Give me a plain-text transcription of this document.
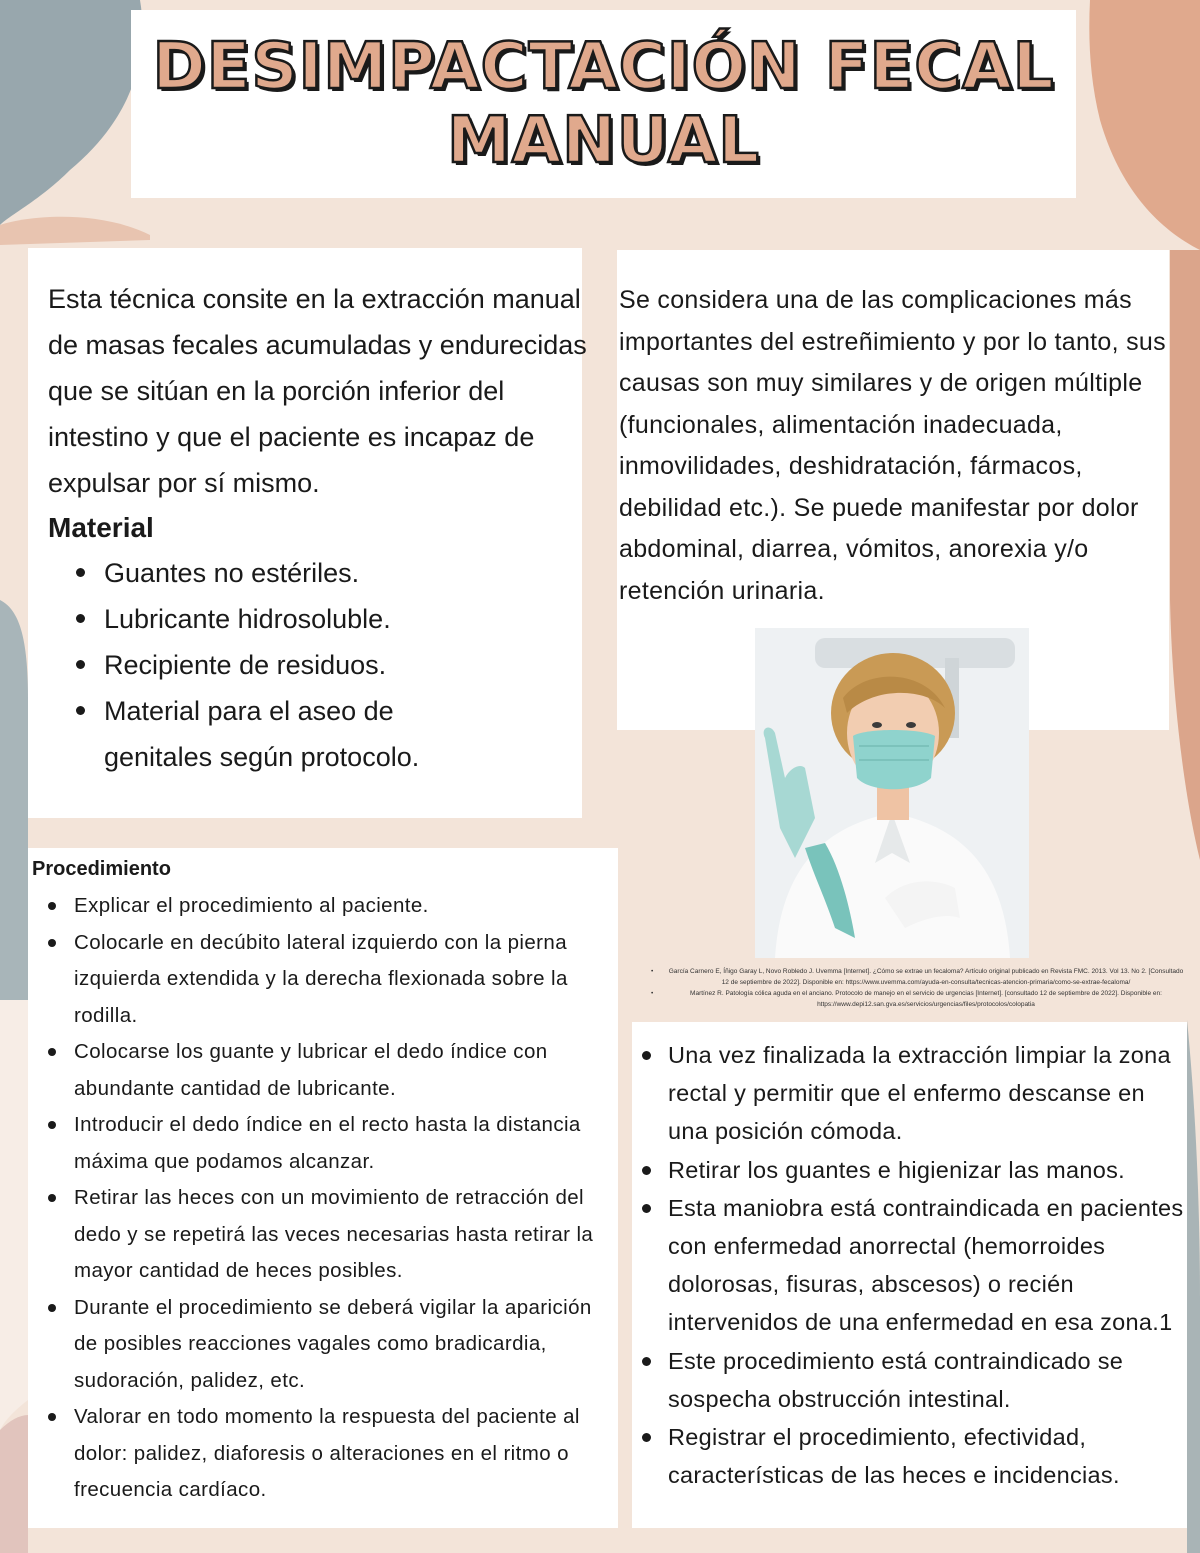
DESIMPACTACIÓN FECAL
MANUAL

Esta técnica consite en la extracción manual de masas fecales acumuladas y endurecidas que se sitúan en la porción inferior del intestino y que el paciente es incapaz de expulsar por sí mismo.

Material

Guantes no estériles.
Lubricante hidrosoluble.
Recipiente de residuos.
Material para el aseo de genitales según protocolo.

Se considera una de las complicaciones más importantes del estreñimiento y por lo tanto, sus causas son muy similares y de origen múltiple (funcionales, alimentación inadecuada, inmovilidades, deshidratación, fármacos, debilidad etc.). Se puede manifestar por dolor abdominal, diarrea, vómitos, anorexia y/o retención urinaria.

• García Carnero E, Íñigo Garay L, Novo Robledo J. Uvemma [Internet]. ¿Cómo se extrae un fecaloma? Artículo original publicado en Revista FMC. 2013. Vol 13. No 2. [Consultado 12 de septiembre de 2022]. Disponible en: https://www.uvemma.com/ayuda-en-consulta/tecnicas-atencion-primaria/como-se-extrae-fecaloma/
• Martínez R. Patología cólica aguda en el anciano. Protocolo de manejo en el servicio de urgencias [Internet]. [consultado 12 de septiembre de 2022]. Disponible en: https://www.depi12.san.gva.es/servicios/urgencias/files/protocolos/colopatia

Procedimiento

Explicar el procedimiento al paciente.
Colocarle en decúbito lateral izquierdo con la pierna izquierda extendida y la derecha flexionada sobre la rodilla.
Colocarse los guante y lubricar el dedo índice con abundante cantidad de lubricante.
Introducir el dedo índice en el recto hasta la distancia máxima que podamos alcanzar.
Retirar las heces con un movimiento de retracción del dedo y se repetirá las veces necesarias hasta retirar la mayor cantidad de heces posibles.
Durante el procedimiento se deberá vigilar la aparición de posibles reacciones vagales como bradicardia, sudoración, palidez, etc.
Valorar en todo momento la respuesta del paciente al dolor: palidez, diaforesis o alteraciones en el ritmo o frecuencia cardíaco.
Una vez finalizada la extracción limpiar la zona rectal y permitir que el enfermo descanse en una posición cómoda.
Retirar los guantes e higienizar las manos.
Esta maniobra está contraindicada en pacientes con enfermedad anorrectal (hemorroides dolorosas, fisuras, abscesos) o recién intervenidos de una enfermedad en esa zona.1
Este procedimiento está contraindicado se sospecha obstrucción intestinal.
Registrar el procedimiento, efectividad, características de las heces e incidencias.
